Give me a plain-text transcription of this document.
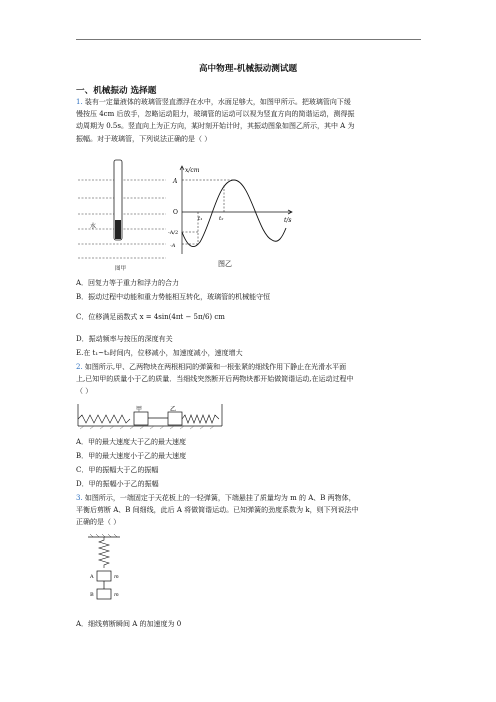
高中物理-机械振动测试题
一、机械振动 选择题
1. 装有一定量液体的玻璃管竖直漂浮在水中，水面足够大，如图甲所示。把玻璃管向下缓
慢按压 4cm 后放手，忽略运动阻力，玻璃管的运动可以视为竖直方向的简谐运动，测得振
动周期为 0.5s。竖直向上为正方向，某时刻开始计时，其振动图象如图乙所示，其中 A 为
振幅。对于玻璃管，下列说法正确的是（ ）
水
图甲
x/cm
t/s
A
O
-A/2
-A
t₁	t₂
图乙
A．回复力等于重力和浮力的合力
B．振动过程中动能和重力势能相互转化，玻璃管的机械能守恒
C．位移满足函数式 x = 4sin(4πt − 5π/6) cm
D．振动频率与按压的深度有关
E.在 t₁~t₂时间内，位移减小，加速度减小，速度增大
2. 如图所示,甲、乙两物块在两根相同的弹簧和一根张紧的细线作用下静止在光滑水平面
上,已知甲的质量小于乙的质量．当细线突然断开后两物块都开始做简谐运动,在运动过程中
（ ）
甲	乙
A．甲的最大速度大于乙的最大速度
B．甲的最大速度小于乙的最大速度
C．甲的振幅大于乙的振幅
D．甲的振幅小于乙的振幅
3. 如图所示，一端固定于天花板上的一轻弹簧，下端悬挂了质量均为 m 的 A、B 两物体，
平衡后剪断 A、B 间细线，此后 A 将做简谐运动。已知弹簧的劲度系数为 k，则下列说法中
正确的是（ ）
A
B
m
m
A．细线剪断瞬间 A 的加速度为 0
